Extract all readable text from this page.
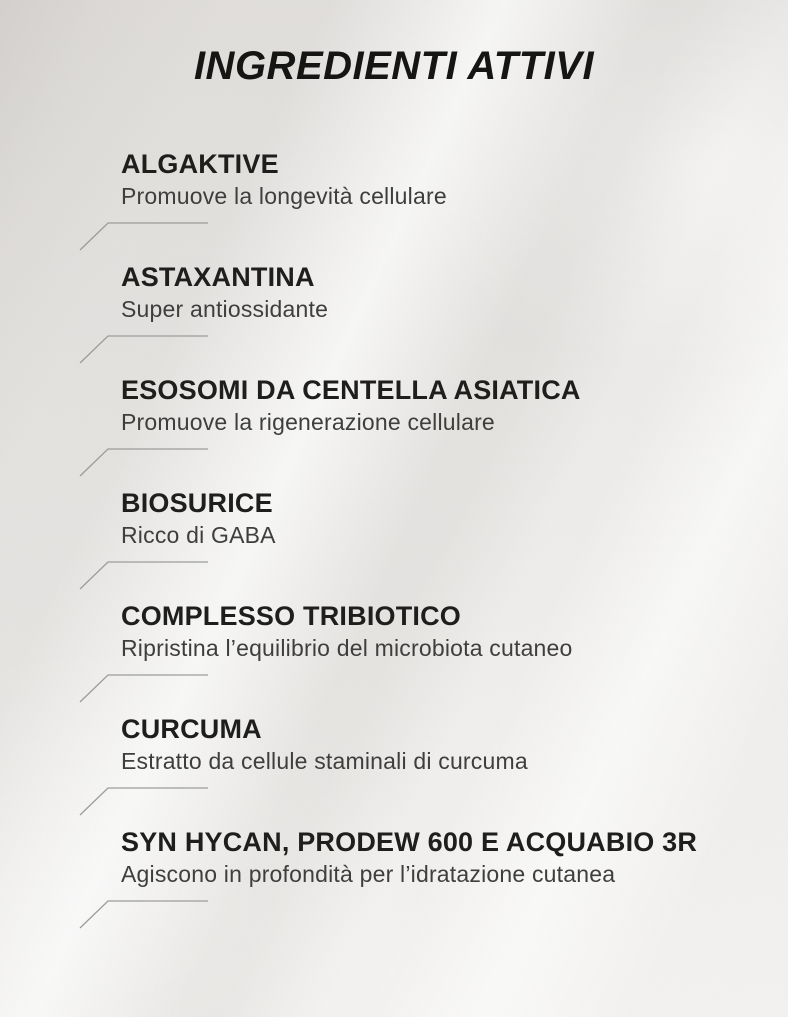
INGREDIENTI ATTIVI
ALGAKTIVE
Promuove la longevità cellulare
ASTAXANTINA
Super antiossidante
ESOSOMI DA CENTELLA ASIATICA
Promuove la rigenerazione cellulare
BIOSURICE
Ricco di GABA
COMPLESSO TRIBIOTICO
Ripristina l’equilibrio del microbiota cutaneo
CURCUMA
Estratto da cellule staminali di curcuma
SYN HYCAN, PRODEW 600 E ACQUABIO 3R
Agiscono in profondità per l’idratazione cutanea
